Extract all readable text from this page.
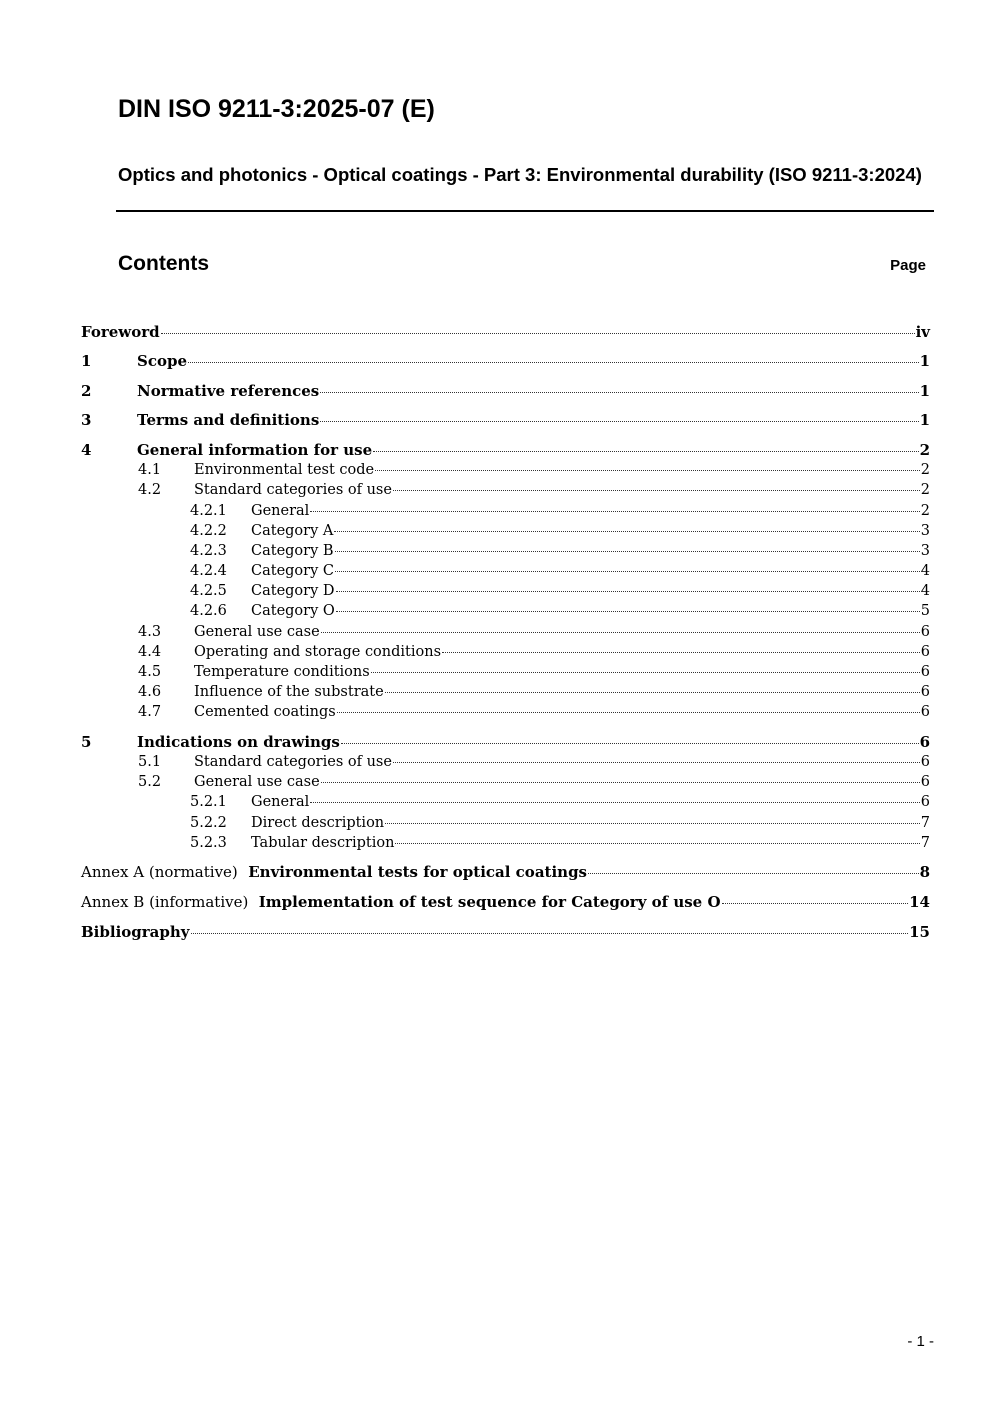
DIN ISO 9211-3:2025-07 (E)
Optics and photonics - Optical coatings - Part 3: Environmental durability (ISO 9211-3:2024)
Contents	Page
Foreword	iv
1	Scope	1
2	Normative references	1
3	Terms and definitions	1
4	General information for use	2
4.1 Environmental test code	2
4.2 Standard categories of use	2
4.2.1 General	2
4.2.2 Category A	3
4.2.3 Category B	3
4.2.4 Category C	4
4.2.5 Category D	4
4.2.6 Category O	5
4.3 General use case	6
4.4 Operating and storage conditions	6
4.5 Temperature conditions	6
4.6 Influence of the substrate	6
4.7 Cemented coatings	6
5	Indications on drawings	6
5.1 Standard categories of use	6
5.2 General use case	6
5.2.1 General	6
5.2.2 Direct description	7
5.2.3 Tabular description	7
Annex A (normative) Environmental tests for optical coatings	8
Annex B (informative) Implementation of test sequence for Category of use O	14
Bibliography	15
- 1 -
